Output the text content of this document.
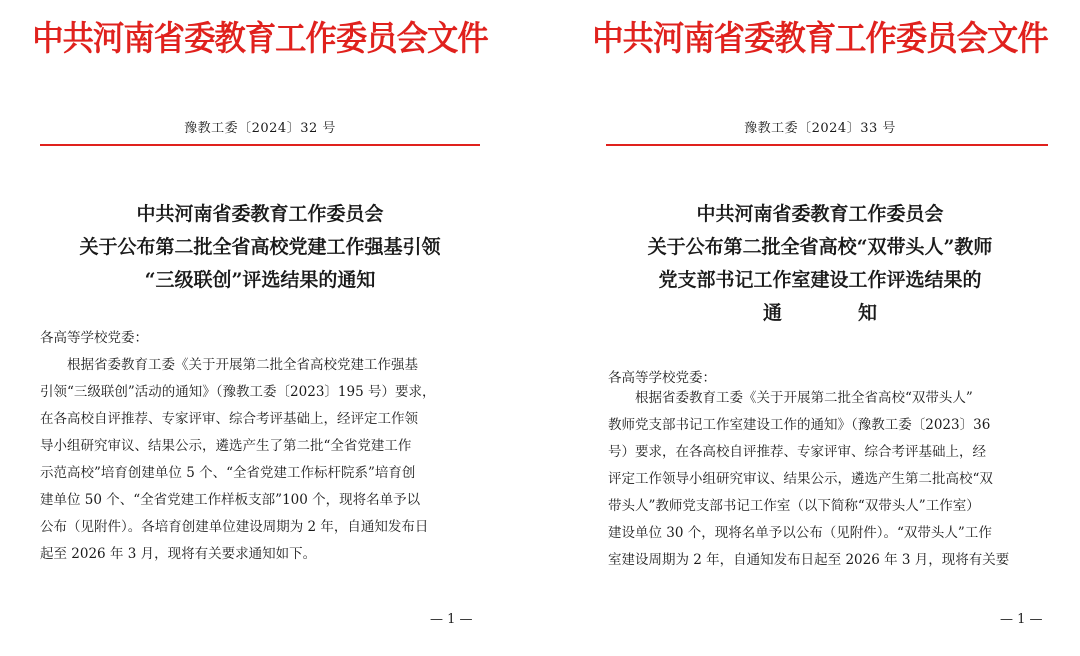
中共河南省委教育工作委员会文件
豫教工委〔2024〕32 号
中共河南省委教育工作委员会
关于公布第二批全省高校党建工作强基引领
“三级联创”评选结果的通知
各高等学校党委：
　　根据省委教育工委《关于开展第二批全省高校党建工作强基
引领“三级联创”活动的通知》（豫教工委〔2023〕195 号）要求，
在各高校自评推荐、专家评审、综合考评基础上，经评定工作领
导小组研究审议、结果公示，遴选产生了第二批“全省党建工作
示范高校”培育创建单位 5 个、“全省党建工作标杆院系”培育创
建单位 50 个、“全省党建工作样板支部”100 个，现将名单予以
公布（见附件）。各培育创建单位建设周期为 2 年，自通知发布日
起至 2026 年 3 月，现将有关要求通知如下。
— 1 —
中共河南省委教育工作委员会文件
豫教工委〔2024〕33 号
中共河南省委教育工作委员会
关于公布第二批全省高校“双带头人”教师
党支部书记工作室建设工作评选结果的
通　　　　知
各高等学校党委：
　　根据省委教育工委《关于开展第二批全省高校“双带头人”
教师党支部书记工作室建设工作的通知》（豫教工委〔2023〕36
号）要求，在各高校自评推荐、专家评审、综合考评基础上，经
评定工作领导小组研究审议、结果公示，遴选产生第二批高校“双
带头人”教师党支部书记工作室（以下简称“双带头人”工作室）
建设单位 30 个，现将名单予以公布（见附件）。“双带头人”工作
室建设周期为 2 年，自通知发布日起至 2026 年 3 月，现将有关要
— 1 —
